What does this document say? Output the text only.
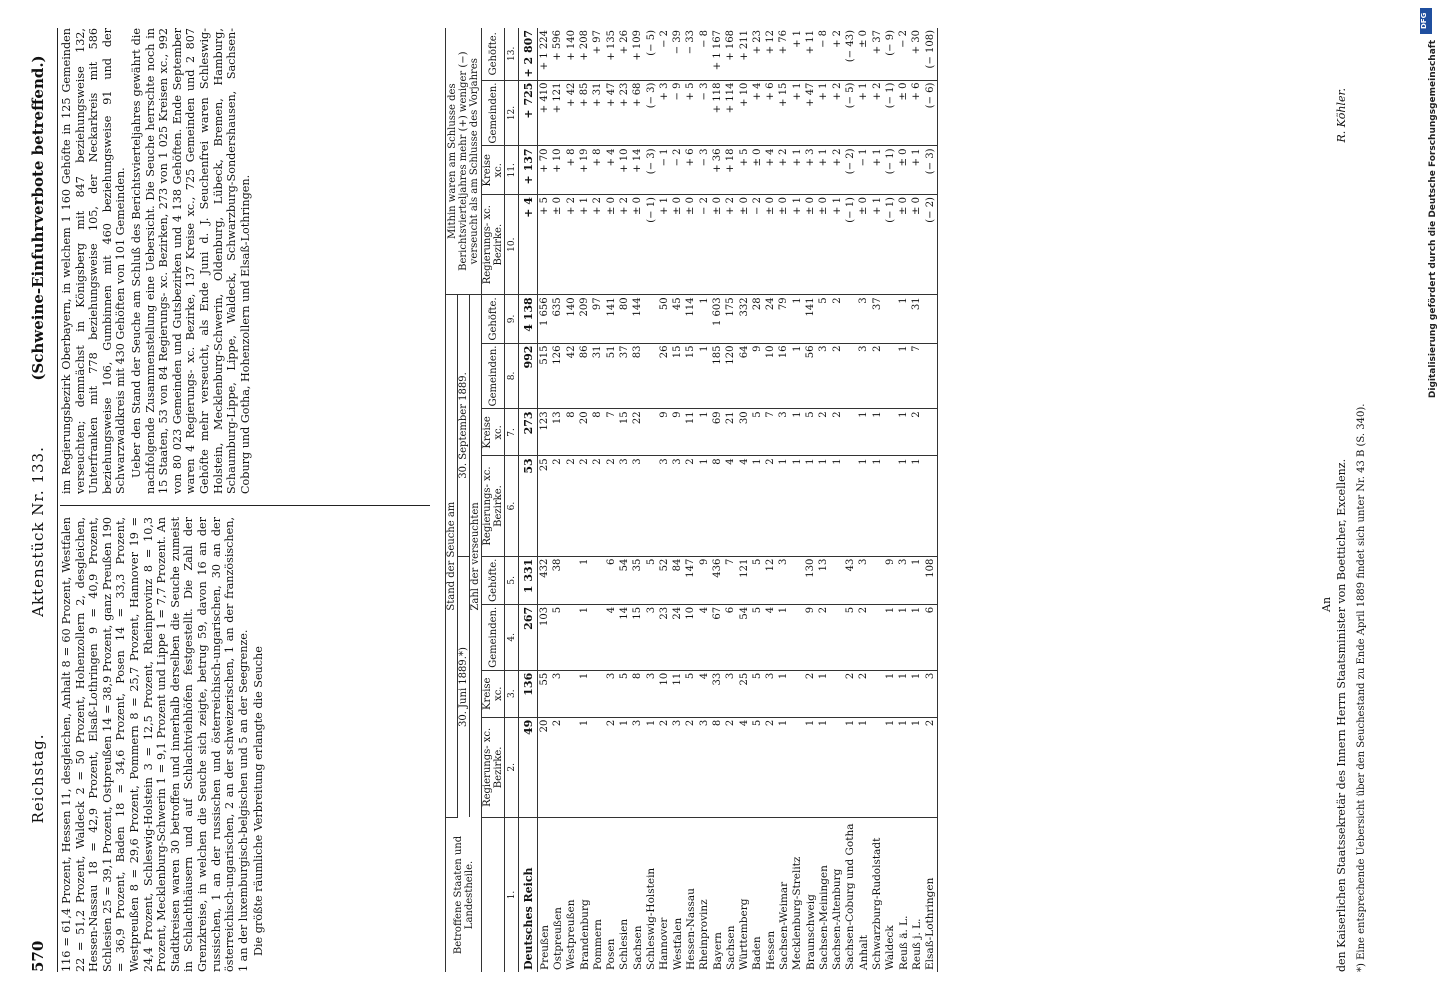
570
Reichstag.
Aktenstück Nr. 133.
(Schweine-Einfuhrverbote betreffend.)

116 = 61,4 Prozent, Hessen 11, desgleichen, Anhalt 8 = 60 Prozent, Westfalen 22 = 51,2 Prozent, Waldeck 2 = 50 Prozent, Hohenzollern 2, desgleichen, Hessen-Nassau 18 = 42,9 Prozent, Elsaß-Lothringen 9 = 40,9 Prozent, Schlesien 25 = 39,1 Prozent, Ostpreußen 14 = 38,9 Prozent, ganz Preußen 190 = 36,9 Prozent, Baden 18 = 34,6 Prozent, Posen 14 = 33,3 Prozent, Westpreußen 8 = 29,6 Prozent, Pommern 8 = 25,7 Prozent, Hannover 19 = 24,4 Prozent, Schleswig-Holstein 3 = 12,5 Prozent, Rheinprovinz 8 = 10,3 Prozent, Mecklenburg-Schwerin 1 = 9,1 Prozent und Lippe 1 = 7,7 Prozent. An Stadtkreisen waren 30 betroffen und innerhalb derselben die Seuche zumeist in Schlachthäusern und auf Schlachtviehhöfen festgestellt. Die Zahl der Grenzkreise, in welchen die Seuche sich zeigte, betrug 59, davon 16 an der russischen, 1 an der russischen und österreichisch-ungarischen, 30 an der österreichisch-ungarischen, 2 an der schweizerischen, 1 an der französischen, 1 an der luxemburgisch-belgischen und 5 an der Seegrenze. Die größte räumliche Verbreitung erlangte die Seuche

im Regierungsbezirk Oberbayern, in welchem 1 160 Gehöfte in 125 Gemeinden verseuchten; demnächst in Königsberg mit 847 beziehungsweise 132, Unterfranken mit 778 beziehungsweise 105, der Neckarkreis mit 586 beziehungsweise 106, Gumbinnen mit 460 beziehungsweise 91 und der Schwarzwaldkreis mit 430 Gehöften von 101 Gemeinden. Ueber den Stand der Seuche am Schluß des Berichtsvierteljahres gewährt die nachfolgende Zusammenstellung eine Uebersicht. Die Seuche herrschte noch in 15 Staaten, 53 von 84 Regierungs- xc. Bezirken, 273 von 1 025 Kreisen xc., 992 von 80 023 Gemeinden und Gutsbezirken und 4 138 Gehöften. Ende September waren 4 Regierungs- xc. Bezirke, 137 Kreise xc., 725 Gemeinden und 2 807 Gehöfte mehr verseucht, als Ende Juni d. J. Seuchenfrei waren Schleswig-Holstein, Mecklenburg-Schwerin, Oldenburg, Lübeck, Bremen, Hamburg, Schaumburg-Lippe, Lippe, Waldeck, Schwarzburg-Sondershausen, Sachsen-Coburg und Gotha, Hohenzollern und Elsaß-Lothringen.

Betroffene Staaten und Landestheile.	Stand der Seuche am								Mithin waren am Schlusse des Berichtsvierteljahres mehr (+) weniger (−) verseucht als am Schlusse des Vorjahres			
	30. Juni 1889.*)				30. September 1889.							
	Zahl der verseuchten											
	Regierungs- xc. Bezirke.	Kreise xc.	Gemeinden.	Gehöfte.	Regierungs- xc. Bezirke.	Kreise xc.	Gemeinden.	Gehöfte.	Regierungs- xc. Bezirke.	Kreise xc.	Gemeinden.	Gehöfte.
1.	2.	3.	4.	5.	6.	7.	8.	9.	10.	11.	12.	13.
Deutsches Reich	49	136	267	1 331	53	273	992	4 138	+ 4	+ 137	+ 725	+ 2 807
Preußen	20	55	103	432	25	123	515	1 656	+ 5	+ 70	+ 410	+ 1 224
Ostpreußen	2	3	5	38	2	13	126	635	± 0	+ 10	+ 121	+ 596
Westpreußen					2	8	42	140	+ 2	+ 8	+ 42	+ 140
Brandenburg	1	1	1	1	2	20	86	209	+ 1	+ 19	+ 85	+ 208
Pommern					2	8	31	97	+ 2	+ 8	+ 31	+ 97
Posen	2	3	4	6	2	7	51	141	± 0	+ 4	+ 47	+ 135
Schlesien	1	5	14	54	3	15	37	80	+ 2	+ 10	+ 23	+ 26
Sachsen	3	8	15	35	3	22	83	144	± 0	+ 14	+ 68	+ 109
Schleswig-Holstein	1	3	3	5					(− 1)	(− 3)	(− 3)	(− 5)
Hannover	2	10	23	52	3	9	26	50	+ 1	− 1	+ 3	− 2
Westfalen	3	11	24	84	3	9	15	45	± 0	− 2	− 9	− 39
Hessen-Nassau	2	5	10	147	2	11	15	114	± 0	+ 6	+ 5	− 33
Rheinprovinz	3	4	4	9	1	1	1	1	− 2	− 3	− 3	− 8
Bayern	8	33	67	436	8	69	185	1 603	± 0	+ 36	+ 118	+ 1 167
Sachsen	2	3	6	7	4	21	120	175	+ 2	+ 18	+ 114	+ 168
Württemberg	4	25	54	121	4	30	64	332	± 0	+ 5	+ 10	+ 211
Baden	5	5	5	5	1	5	9	28	− 2	± 0	+ 4	+ 23
Hessen	2	3	4	12	2	7	10	24	± 0	+ 4	+ 6	+ 12
Sachsen-Weimar	1	1	1	3	1	3	16	79	± 0	+ 2	+ 15	+ 76
Mecklenburg-Strelitz					1	1	1	1	+ 1	+ 1	+ 1	+ 1
Braunschweig	1	2	9	130	1	5	56	141	± 0	+ 3	+ 47	+ 11
Sachsen-Meiningen	1	1	2	13	1	2	3	5	± 0	+ 1	+ 1	− 8
Sachsen-Altenburg					1	2	2	2	+ 1	+ 2	+ 2	+ 2
Sachsen-Coburg und Gotha	1	2	5	43					(− 1)	(− 2)	(− 5)	(− 43)
Anhalt	1	2	2	3	1	1	3	3	± 0	− 1	+ 1	± 0
Schwarzburg-Rudolstadt					1	1	2	37	+ 1	+ 1	+ 2	+ 37
Waldeck	1	1	1	9					(− 1)	(− 1)	(− 1)	(− 9)
Reuß ä. L.	1	1	1	3	1	1	1	1	± 0	± 0	± 0	− 2
Reuß j. L.	1	1	1	1	1	2	7	31	± 0	+ 1	+ 6	+ 30
Elsaß-Lothringen	2	3	6	108					(− 2)	(− 3)	(− 6)	(− 108)
An den Kaiserlichen Staatssekretär des Innern Herrn Staatsminister von Boetticher, Excellenz.
R. Köhler.
*) Eine entsprechende Uebersicht über den Seuchestand zu Ende April 1889 findet sich unter Nr. 43 B (S. 340).
DFG
Digitalisierung gefördert durch die Deutsche Forschungsgemeinschaft
